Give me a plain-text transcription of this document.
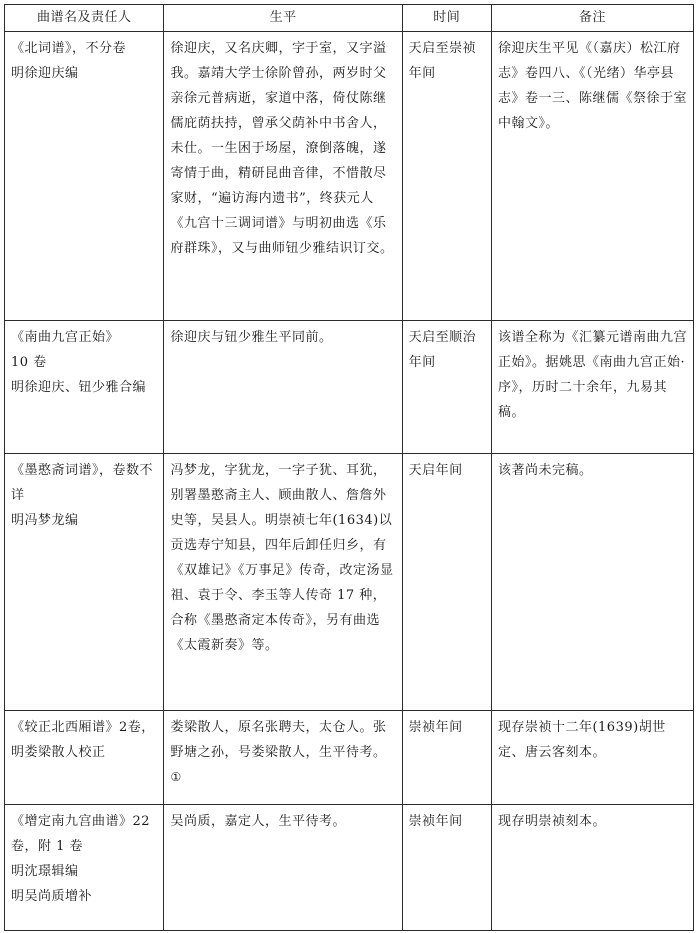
曲谱名及责任人	生平	时间	备注

《北词谱》，不分卷
明徐迎庆编	徐迎庆，又名庆卿，字于室，又字溢我。嘉靖大学士徐阶曾孙，两岁时父亲徐元普病逝，家道中落，倚仗陈继儒庇荫扶持，曾承父荫补中书舍人，未仕。一生困于场屋，潦倒落魄，遂寄情于曲，精研昆曲音律，不惜散尽家财，“遍访海内遗书”，终获元人《九宫十三调词谱》与明初曲选《乐府群珠》，又与曲师钮少雅结识订交。	天启至崇祯年间	徐迎庆生平见《（嘉庆）松江府志》卷四八、《（光绪）华亭县志》卷一三、陈继儒《祭徐于室中翰文》。

《南曲九宫正始》
10 卷
明徐迎庆、钮少雅合编	徐迎庆与钮少雅生平同前。	天启至顺治年间	该谱全称为《汇纂元谱南曲九宫正始》。据姚思《南曲九宫正始·序》，历时二十余年，九易其稿。

《墨憨斋词谱》，卷数不详
明冯梦龙编	冯梦龙，字犹龙，一字子犹、耳犹，别署墨憨斋主人、顾曲散人、詹詹外史等，吴县人。明崇祯七年(1634)以贡选寿宁知县，四年后卸任归乡，有《双雄记》《万事足》传奇，改定汤显祖、袁于令、李玉等人传奇 17 种，合称《墨憨斋定本传奇》，另有曲选《太霞新奏》等。	天启年间	该著尚未完稿。

《较正北西厢谱》2卷，明娄梁散人校正	娄梁散人，原名张聘夫，太仓人。张野塘之孙，号娄梁散人，生平待考。①	崇祯年间	现存崇祯十二年(1639)胡世定、唐云客刻本。

《增定南九宫曲谱》22卷，附 1 卷
明沈璟辑编
明吴尚质增补	吴尚质，嘉定人，生平待考。	崇祯年间	现存明崇祯刻本。
